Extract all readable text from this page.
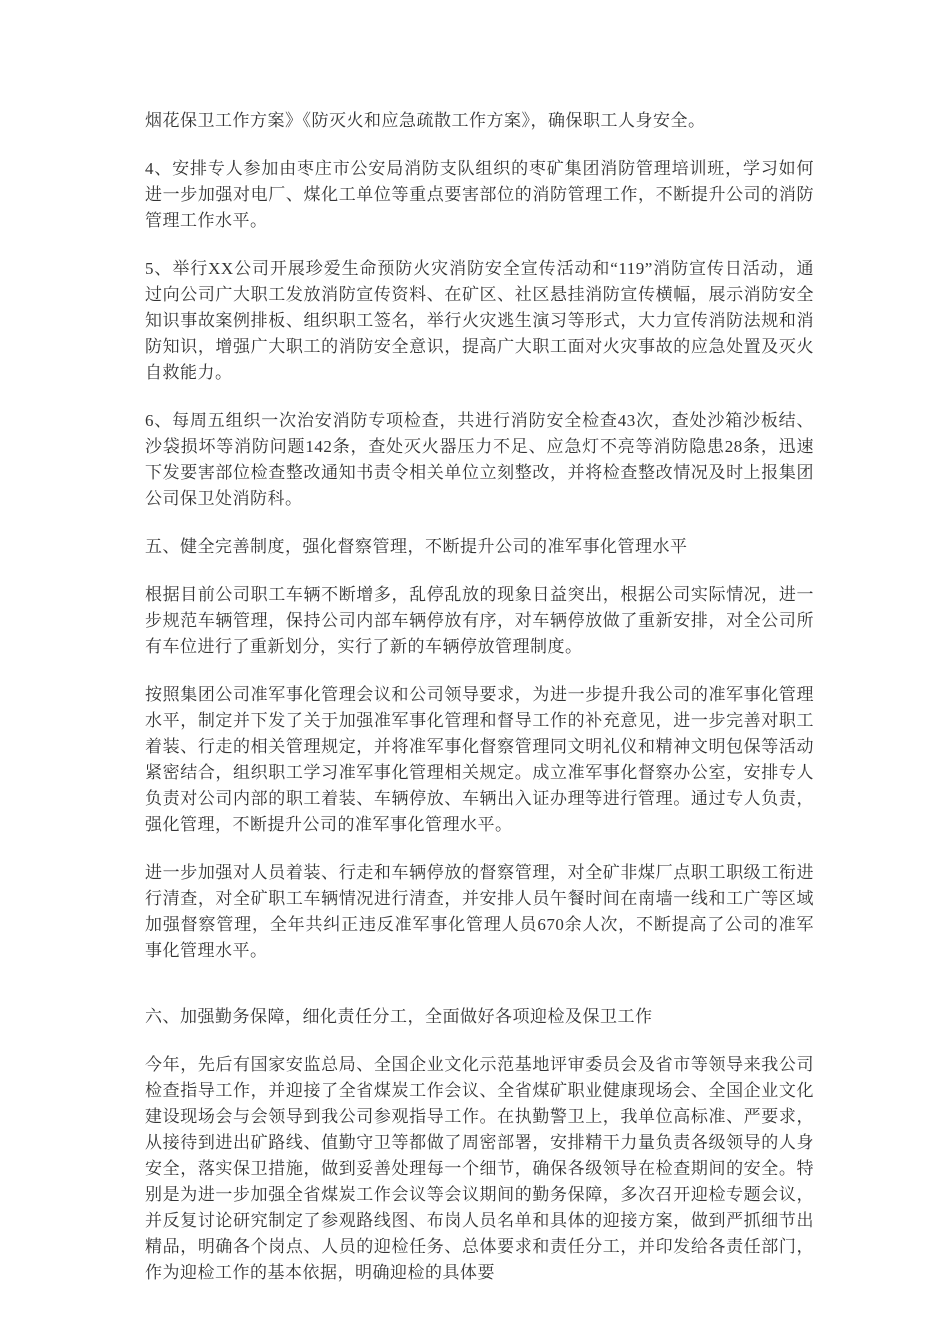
烟花保卫工作方案》《防灭火和应急疏散工作方案》，确保职工人身安全。

4、安排专人参加由枣庄市公安局消防支队组织的枣矿集团消防管理培训班，学习如何进一步加强对电厂、煤化工单位等重点要害部位的消防管理工作，不断提升公司的消防管理工作水平。

5、举行XX公司开展珍爱生命预防火灾消防安全宣传活动和“119”消防宣传日活动，通过向公司广大职工发放消防宣传资料、在矿区、社区悬挂消防宣传横幅，展示消防安全知识事故案例排板、组织职工签名，举行火灾逃生演习等形式，大力宣传消防法规和消防知识，增强广大职工的消防安全意识，提高广大职工面对火灾事故的应急处置及灭火自救能力。

6、每周五组织一次治安消防专项检查，共进行消防安全检查43次，查处沙箱沙板结、沙袋损坏等消防问题142条，查处灭火器压力不足、应急灯不亮等消防隐患28条，迅速下发要害部位检查整改通知书责令相关单位立刻整改，并将检查整改情况及时上报集团公司保卫处消防科。

五、健全完善制度，强化督察管理，不断提升公司的准军事化管理水平

根据目前公司职工车辆不断增多，乱停乱放的现象日益突出，根据公司实际情况，进一步规范车辆管理，保持公司内部车辆停放有序，对车辆停放做了重新安排，对全公司所有车位进行了重新划分，实行了新的车辆停放管理制度。

按照集团公司准军事化管理会议和公司领导要求，为进一步提升我公司的准军事化管理水平，制定并下发了关于加强准军事化管理和督导工作的补充意见，进一步完善对职工着装、行走的相关管理规定，并将准军事化督察管理同文明礼仪和精神文明包保等活动紧密结合，组织职工学习准军事化管理相关规定。成立准军事化督察办公室，安排专人负责对公司内部的职工着装、车辆停放、车辆出入证办理等进行管理。通过专人负责，强化管理，不断提升公司的准军事化管理水平。

进一步加强对人员着装、行走和车辆停放的督察管理，对全矿非煤厂点职工职级工衔进行清查，对全矿职工车辆情况进行清查，并安排人员午餐时间在南墙一线和工广等区域加强督察管理，全年共纠正违反准军事化管理人员670余人次，不断提高了公司的准军事化管理水平。

六、加强勤务保障，细化责任分工，全面做好各项迎检及保卫工作

今年，先后有国家安监总局、全国企业文化示范基地评审委员会及省市等领导来我公司检查指导工作，并迎接了全省煤炭工作会议、全省煤矿职业健康现场会、全国企业文化建设现场会与会领导到我公司参观指导工作。在执勤警卫上，我单位高标准、严要求，从接待到进出矿路线、值勤守卫等都做了周密部署，安排精干力量负责各级领导的人身安全，落实保卫措施，做到妥善处理每一个细节，确保各级领导在检查期间的安全。特别是为进一步加强全省煤炭工作会议等会议期间的勤务保障，多次召开迎检专题会议，并反复讨论研究制定了参观路线图、布岗人员名单和具体的迎接方案，做到严抓细节出精品，明确各个岗点、人员的迎检任务、总体要求和责任分工，并印发给各责任部门，作为迎检工作的基本依据，明确迎检的具体要
